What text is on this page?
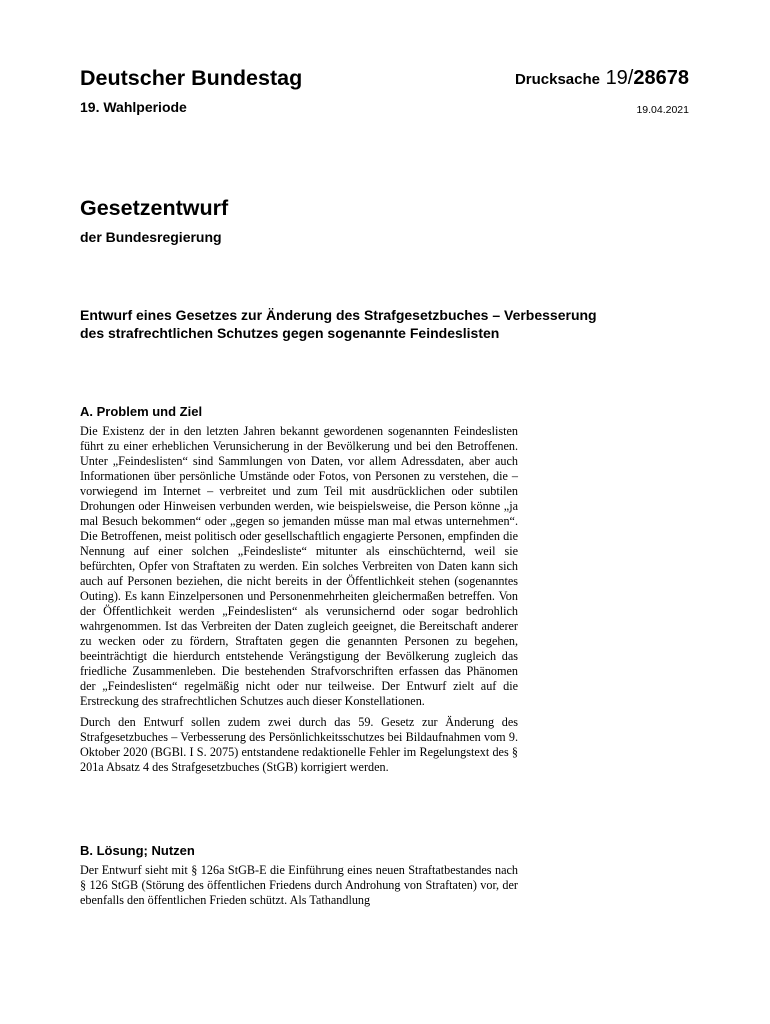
Deutscher Bundestag
19. Wahlperiode
Drucksache 19/28678
19.04.2021
Gesetzentwurf
der Bundesregierung
Entwurf eines Gesetzes zur Änderung des Strafgesetzbuches – Verbesserung
des strafrechtlichen Schutzes gegen sogenannte Feindeslisten
A. Problem und Ziel

Die Existenz der in den letzten Jahren bekannt gewordenen sogenannten Feindeslisten führt zu einer erheblichen Verunsicherung in der Bevölkerung und bei den Betroffenen. Unter „Feindeslisten“ sind Sammlungen von Daten, vor allem Adressdaten, aber auch Informationen über persönliche Umstände oder Fotos, von Personen zu verstehen, die – vorwiegend im Internet – verbreitet und zum Teil mit ausdrücklichen oder subtilen Drohungen oder Hinweisen verbunden werden, wie beispielsweise, die Person könne „ja mal Besuch bekommen“ oder „gegen so jemanden müsse man mal etwas unternehmen“. Die Betroffenen, meist politisch oder gesellschaftlich engagierte Personen, empfinden die Nennung auf einer solchen „Feindesliste“ mitunter als einschüchternd, weil sie befürchten, Opfer von Straftaten zu werden. Ein solches Verbreiten von Daten kann sich auch auf Personen beziehen, die nicht bereits in der Öffentlichkeit stehen (sogenanntes Outing). Es kann Einzelpersonen und Personenmehrheiten gleichermaßen betreffen. Von der Öffentlichkeit werden „Feindeslisten“ als verunsichernd oder sogar bedrohlich wahrgenommen. Ist das Verbreiten der Daten zugleich geeignet, die Bereitschaft anderer zu wecken oder zu fördern, Straftaten gegen die genannten Personen zu begehen, beeinträchtigt die hierdurch entstehende Verängstigung der Bevölkerung zugleich das friedliche Zusammenleben. Die bestehenden Strafvorschriften erfassen das Phänomen der „Feindeslisten“ regelmäßig nicht oder nur teilweise. Der Entwurf zielt auf die Erstreckung des strafrechtlichen Schutzes auch dieser Konstellationen.

Durch den Entwurf sollen zudem zwei durch das 59. Gesetz zur Änderung des Strafgesetzbuches – Verbesserung des Persönlichkeitsschutzes bei Bildaufnahmen vom 9. Oktober 2020 (BGBl. I S. 2075) entstandene redaktionelle Fehler im Regelungstext des § 201a Absatz 4 des Strafgesetzbuches (StGB) korrigiert werden.

B. Lösung; Nutzen

Der Entwurf sieht mit § 126a StGB-E die Einführung eines neuen Straftatbestandes nach § 126 StGB (Störung des öffentlichen Friedens durch Androhung von Straftaten) vor, der ebenfalls den öffentlichen Frieden schützt. Als Tathandlung
